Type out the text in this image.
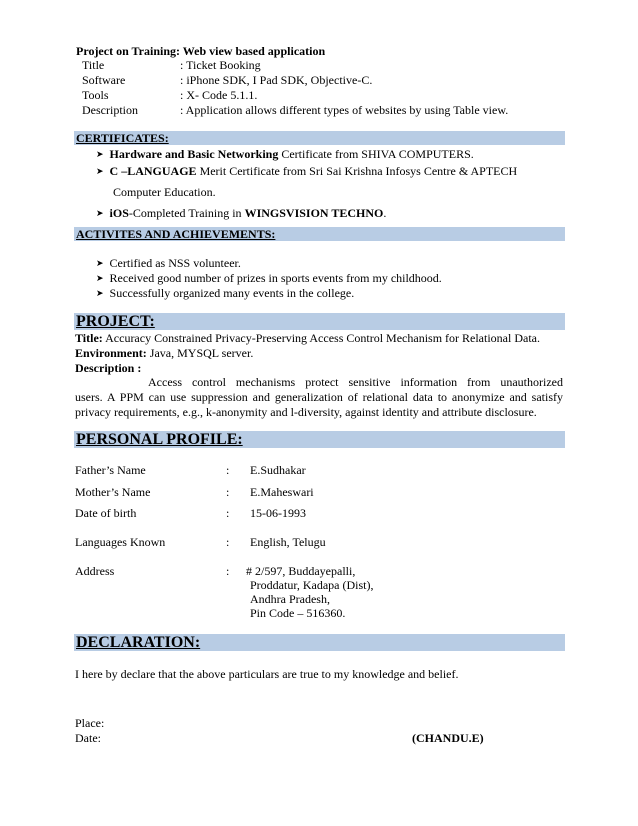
Project on Training: Web view based application
Title	: Ticket Booking
Software	: iPhone SDK, I Pad SDK, Objective-C.
Tools	: X- Code 5.1.1.
Description	: Application allows different types of websites by using Table view.
CERTIFICATES:
➤ Hardware and Basic Networking Certificate from SHIVA COMPUTERS.
➤ C –LANGUAGE Merit Certificate from Sri Sai Krishna Infosys Centre & APTECH
Computer Education.
➤ iOS-Completed Training in WINGSVISION TECHNO.
ACTIVITES AND ACHIEVEMENTS:
➤ Certified as NSS volunteer.
➤ Received good number of prizes in sports events from my childhood.
➤ Successfully organized many events in the college.
PROJECT:
Title: Accuracy Constrained Privacy-Preserving Access Control Mechanism for Relational Data.
Environment: Java, MYSQL server.
Description :
Access control mechanisms protect sensitive information from unauthorized
users. A PPM can use suppression and generalization of relational data to anonymize and satisfy
privacy requirements, e.g., k-anonymity and l-diversity, against identity and attribute disclosure.
PERSONAL PROFILE:
Father’s Name	: E.Sudhakar
Mother’s Name	: E.Maheswari
Date of birth	: 15-06-1993
Languages Known	: English, Telugu
Address	: # 2/597, Buddayepalli,
Proddatur, Kadapa (Dist),
Andhra Pradesh,
Pin Code – 516360.
DECLARATION:
I here by declare that the above particulars are true to my knowledge and belief.
Place:
Date:	(CHANDU.E)
